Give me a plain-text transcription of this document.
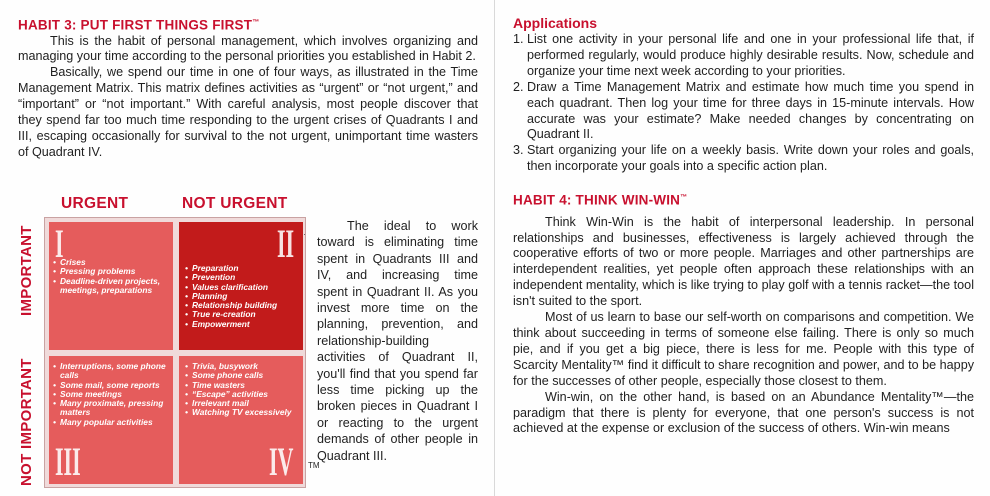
HABIT 3: PUT FIRST THINGS FIRST™

This is the habit of personal management, which involves organizing and managing your time according to the personal priorities you established in Habit 2.

Basically, we spend our time in one of four ways, as illustrated in the Time Management Matrix. This matrix defines activities as “urgent” or “not urgent,” and “important” or “not important.” With careful analysis, most people discover that they spend far too much time responding to the urgent crises of Quadrants I and III, escaping occasionally for survival to the not urgent, unimportant time wasters of Quadrant IV.

URGENT	NOT URGENT
IMPORTANT
NOT IMPORTANT
I
• Crises
• Pressing problems
• Deadline-driven projects, meetings, preparations
II
• Preparation
• Prevention
• Values clarification
• Planning
• Relationship building
• True re-creation
• Empowerment
• Interruptions, some phone calls
• Some mail, some reports
• Some meetings
• Many proximate, pressing matters
• Many popular activities
III
• Trivia, busywork
• Some phone calls
• Time wasters
• “Escape” activities
• Irrelevant mail
• Watching TV excessively
IV TM
·

The ideal to work toward is eliminating time spent in Quadrants III and IV, and increasing time spent in Quadrant II. As you invest more time on the planning, prevention, and relationship-building activities of Quadrant II, you'll find that you spend far less time picking up the broken pieces in Quadrant I or reacting to the urgent demands of other people in Quadrant III.

Applications
1. List one activity in your personal life and one in your professional life that, if performed regularly, would produce highly desirable results. Now, schedule and organize your time next week according to your priorities.
2. Draw a Time Management Matrix and estimate how much time you spend in each quadrant. Then log your time for three days in 15-minute intervals. How accurate was your estimate? Make needed changes by concentrating on Quadrant II.
3. Start organizing your life on a weekly basis. Write down your roles and goals, then incorporate your goals into a specific action plan.
HABIT 4: THINK WIN-WIN™

Think Win-Win is the habit of interpersonal leadership. In personal relationships and businesses, effectiveness is largely achieved through the cooperative efforts of two or more people. Marriages and other partnerships are interdependent realities, yet people often approach these relationships with an independent mentality, which is like trying to play golf with a tennis racket—the tool isn't suited to the sport.

Most of us learn to base our self-worth on comparisons and competition. We think about succeeding in terms of someone else failing. There is only so much pie, and if you get a big piece, there is less for me. People with this type of Scarcity Mentality™ find it difficult to share recognition and power, and to be happy for the successes of other people, especially those closest to them.

Win-win, on the other hand, is based on an Abundance Mentality™—the paradigm that there is plenty for everyone, that one person's success is not achieved at the expense or exclusion of the success of others. Win-win means
